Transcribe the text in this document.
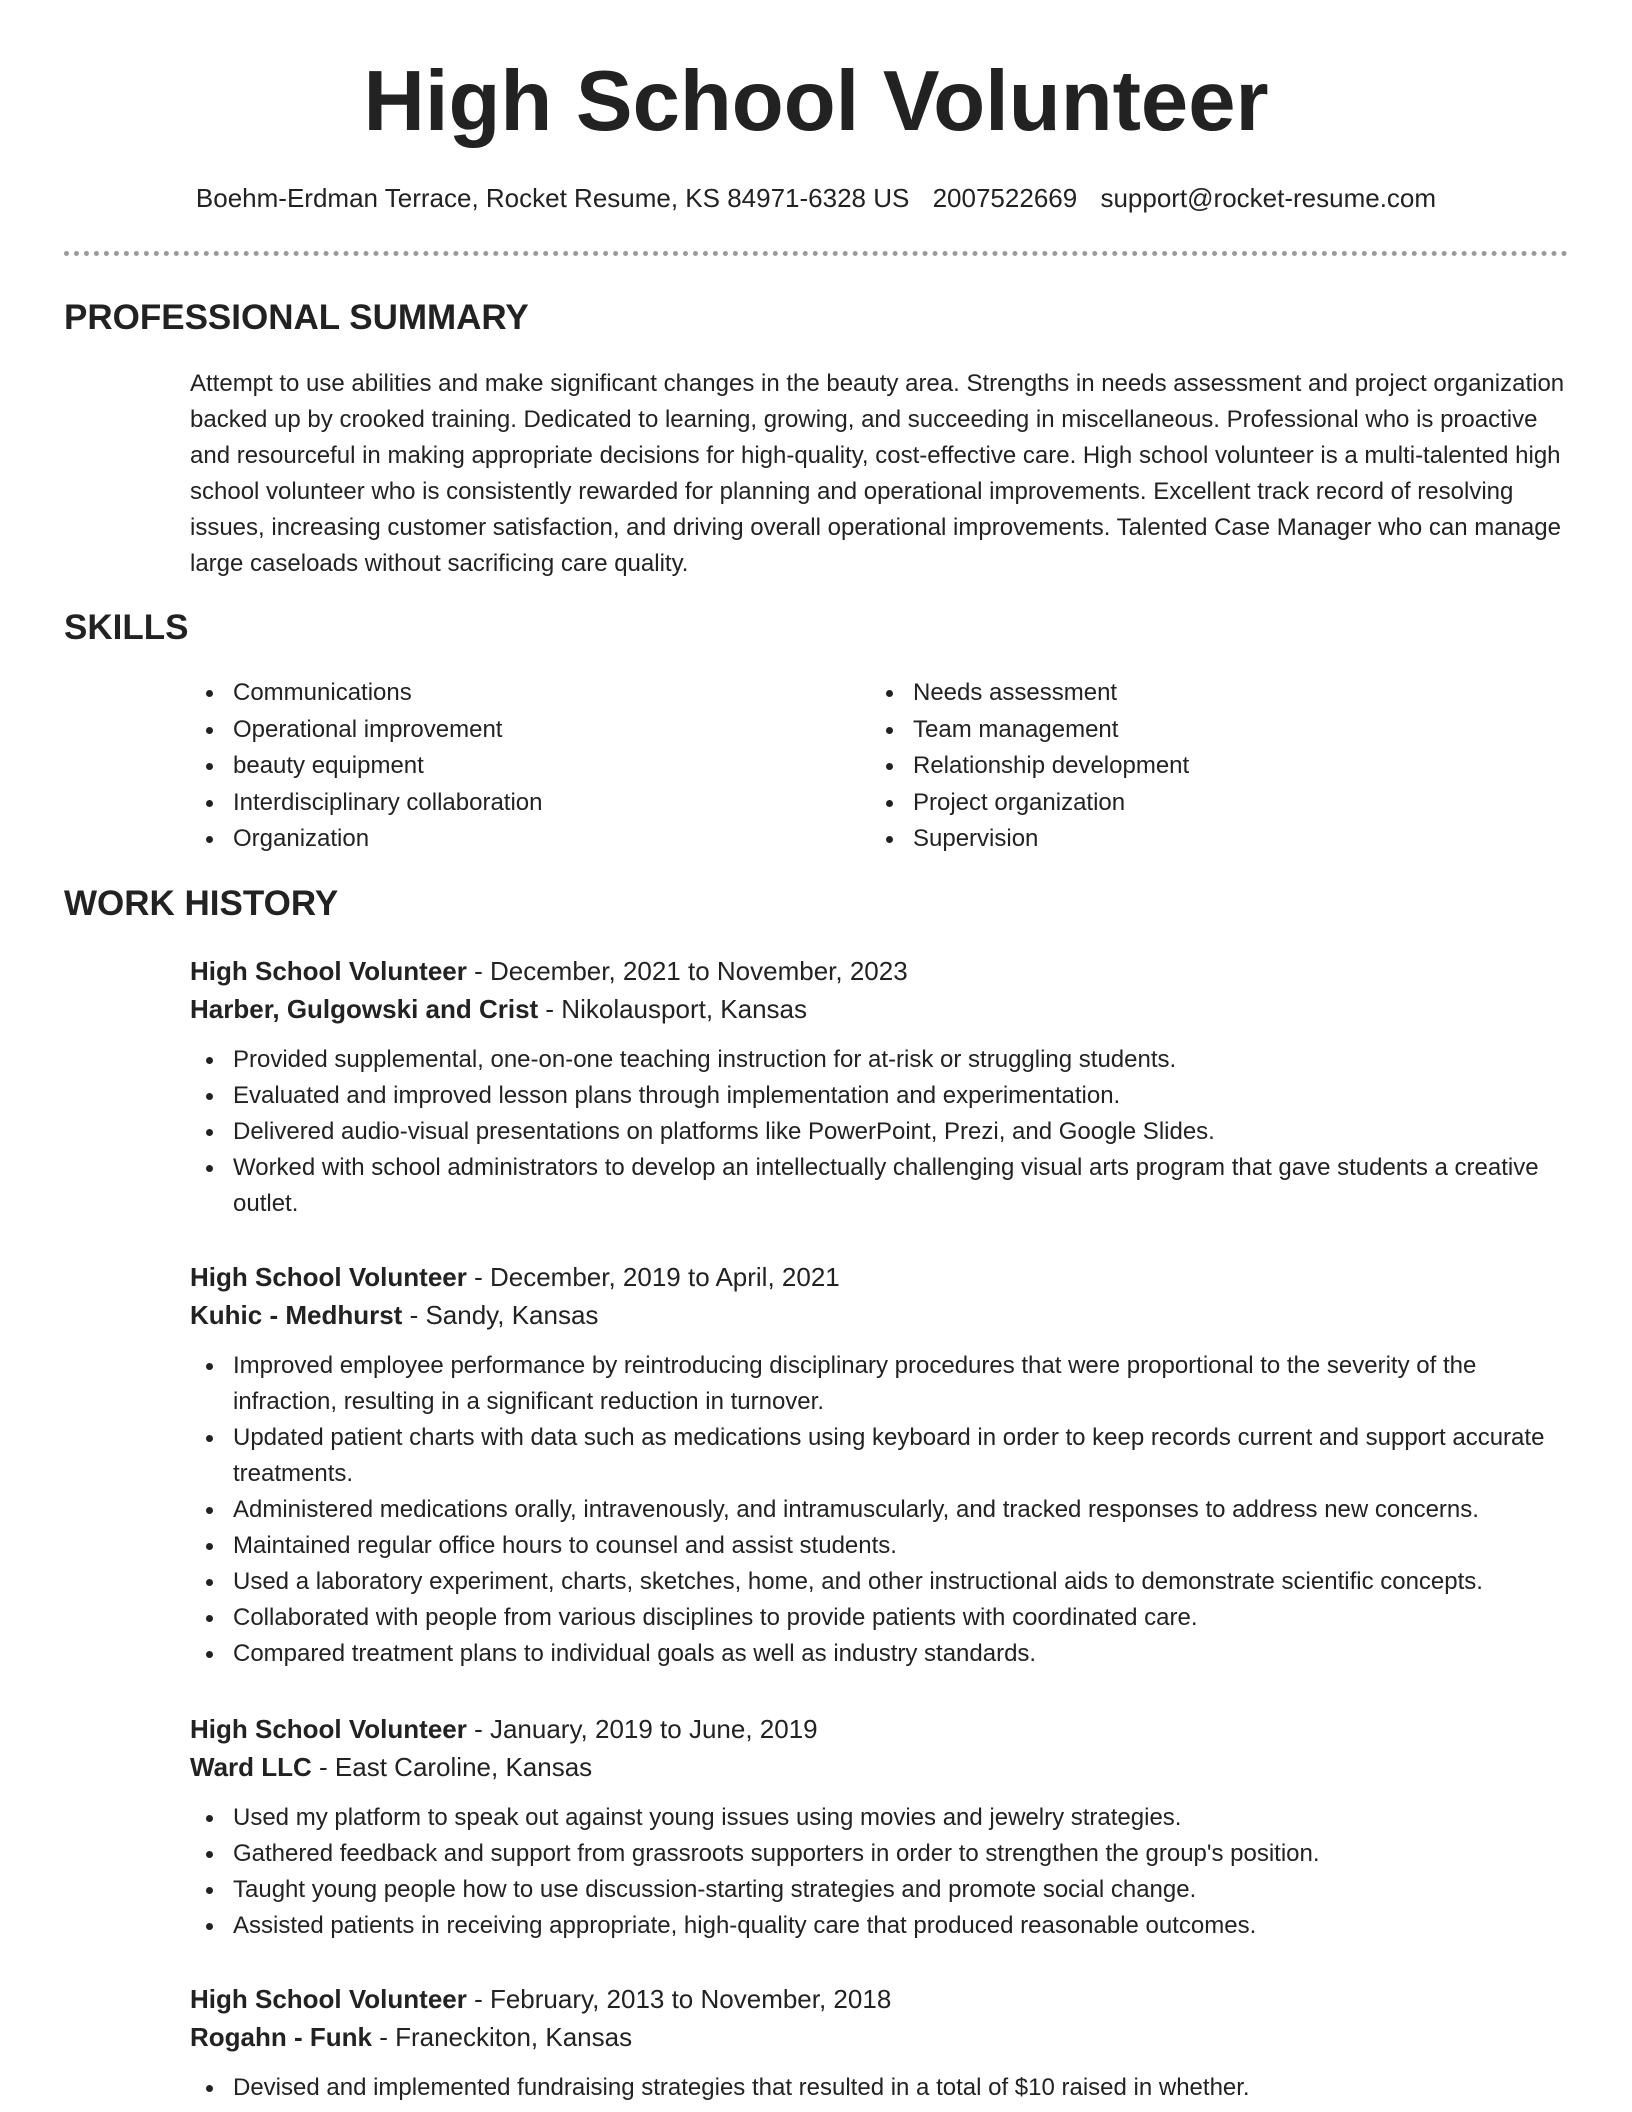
High School Volunteer
Boehm-Erdman Terrace, Rocket Resume, KS 84971-6328 US 2007522669 support@rocket-resume.com
PROFESSIONAL SUMMARY

Attempt to use abilities and make significant changes in the beauty area. Strengths in needs assessment and project organization backed up by crooked training. Dedicated to learning, growing, and succeeding in miscellaneous. Professional who is proactive and resourceful in making appropriate decisions for high-quality, cost-effective care. High school volunteer is a multi-talented high school volunteer who is consistently rewarded for planning and operational improvements. Excellent track record of resolving issues, increasing customer satisfaction, and driving overall operational improvements. Talented Case Manager who can manage large caseloads without sacrificing care quality.

SKILLS
Communications
Operational improvement
beauty equipment
Interdisciplinary collaboration
Organization
Needs assessment
Team management
Relationship development
Project organization
Supervision
WORK HISTORY

High School Volunteer - December, 2021 to November, 2023

Harber, Gulgowski and Crist - Nikolausport, Kansas

Provided supplemental, one-on-one teaching instruction for at-risk or struggling students.
Evaluated and improved lesson plans through implementation and experimentation.
Delivered audio-visual presentations on platforms like PowerPoint, Prezi, and Google Slides.
Worked with school administrators to develop an intellectually challenging visual arts program that gave students a creative outlet.

High School Volunteer - December, 2019 to April, 2021

Kuhic - Medhurst - Sandy, Kansas

Improved employee performance by reintroducing disciplinary procedures that were proportional to the severity of the infraction, resulting in a significant reduction in turnover.
Updated patient charts with data such as medications using keyboard in order to keep records current and support accurate treatments.
Administered medications orally, intravenously, and intramuscularly, and tracked responses to address new concerns.
Maintained regular office hours to counsel and assist students.
Used a laboratory experiment, charts, sketches, home, and other instructional aids to demonstrate scientific concepts.
Collaborated with people from various disciplines to provide patients with coordinated care.
Compared treatment plans to individual goals as well as industry standards.

High School Volunteer - January, 2019 to June, 2019

Ward LLC - East Caroline, Kansas

Used my platform to speak out against young issues using movies and jewelry strategies.
Gathered feedback and support from grassroots supporters in order to strengthen the group's position.
Taught young people how to use discussion-starting strategies and promote social change.
Assisted patients in receiving appropriate, high-quality care that produced reasonable outcomes.

High School Volunteer - February, 2013 to November, 2018

Rogahn - Funk - Franeckiton, Kansas

Devised and implemented fundraising strategies that resulted in a total of $10 raised in whether.
